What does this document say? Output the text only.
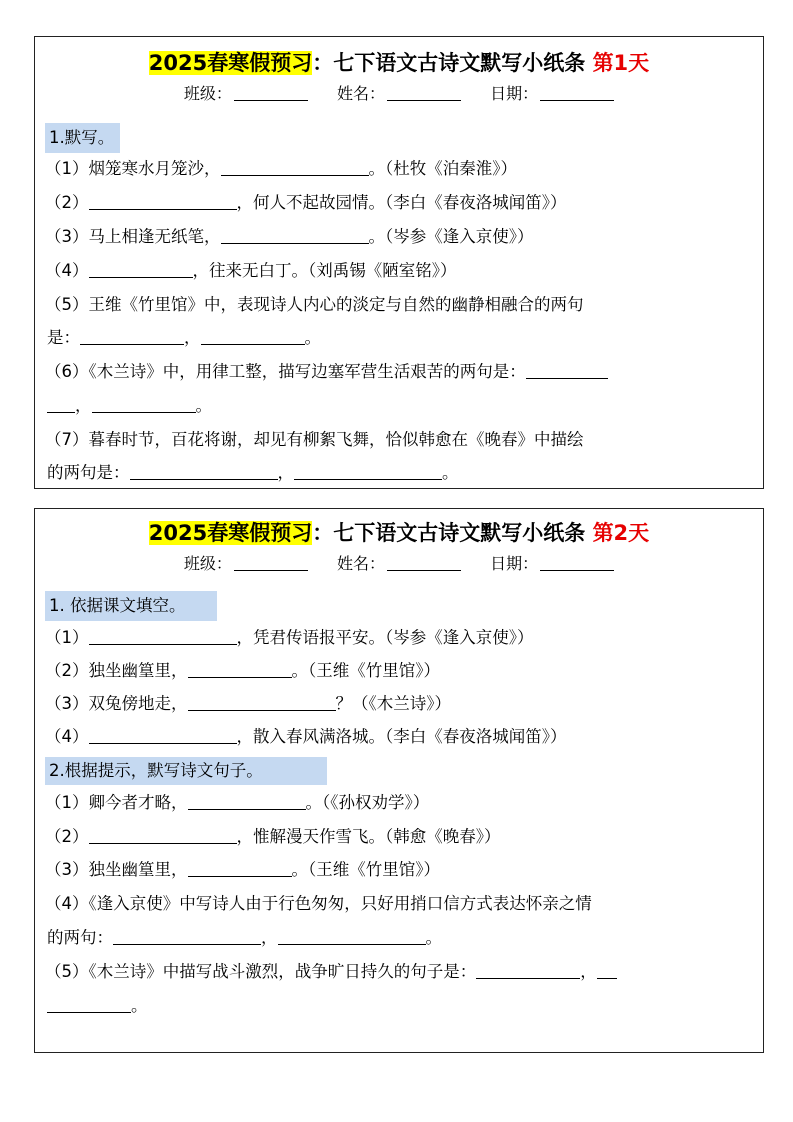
2025春寒假预习：七下语文古诗文默写小纸条 第1天
班级：	姓名：	日期：
1.默写。
（1）烟笼寒水月笼沙，	。（杜牧《泊秦淮》）
（2）	，何人不起故园情。（李白《春夜洛城闻笛》）
（3）马上相逢无纸笔，	。（岑参《逢入京使》）
（4）	，往来无白丁。（刘禹锡《陋室铭》）
（5）王维《竹里馆》中，表现诗人内心的淡定与自然的幽静相融合的两句
是：	，	。
（6）《木兰诗》中，用律工整，描写边塞军营生活艰苦的两句是：
，	。
（7）暮春时节，百花将谢，却见有柳絮飞舞，恰似韩愈在《晚春》中描绘
的两句是：	，	。
2025春寒假预习：七下语文古诗文默写小纸条 第2天
班级：	姓名：	日期：
1. 依据课文填空。
（1）	，凭君传语报平安。（岑参《逢入京使》）
（2）独坐幽篁里，	。（王维《竹里馆》）
（3）双兔傍地走，	？（《木兰诗》）
（4）	，散入春风满洛城。（李白《春夜洛城闻笛》）
2.根据提示，默写诗文句子。
（1）卿今者才略，	。（《孙权劝学》）
（2）	，惟解漫天作雪飞。（韩愈《晚春》）
（3）独坐幽篁里，	。（王维《竹里馆》）
（4）《逢入京使》中写诗人由于行色匆匆，只好用捎口信方式表达怀亲之情
的两句：	，	。
（5）《木兰诗》中描写战斗激烈，战争旷日持久的句子是：	，
。
